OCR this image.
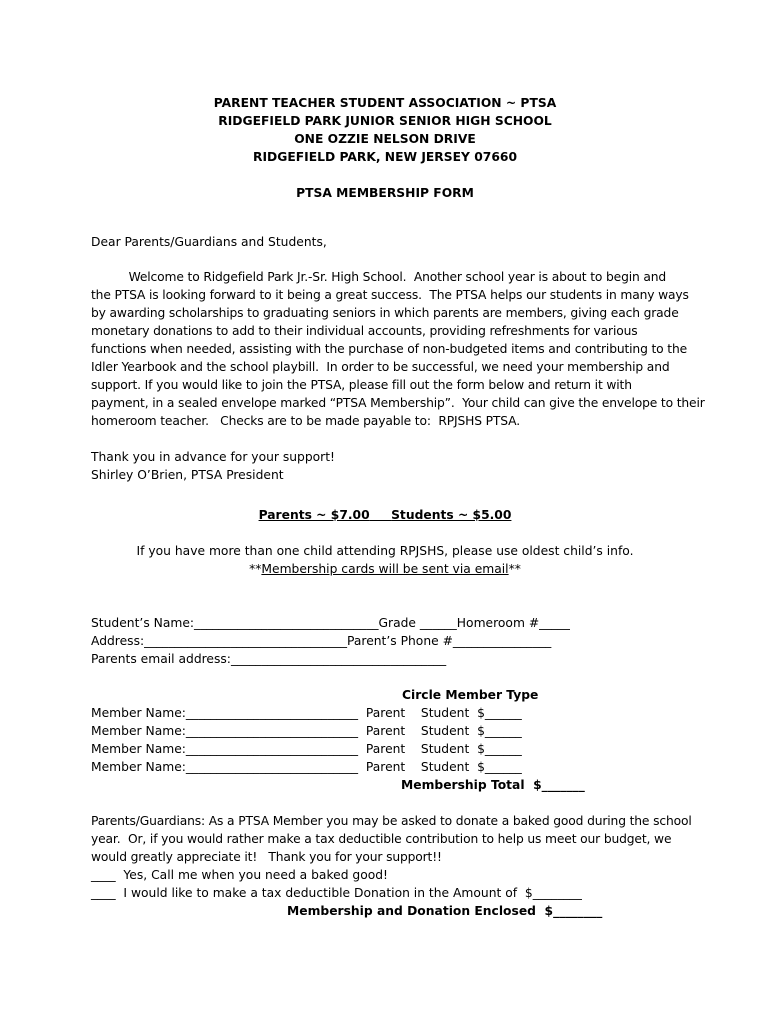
PARENT TEACHER STUDENT ASSOCIATION ~ PTSA
RIDGEFIELD PARK JUNIOR SENIOR HIGH SCHOOL
ONE OZZIE NELSON DRIVE
RIDGEFIELD PARK, NEW JERSEY 07660
PTSA MEMBERSHIP FORM
Dear Parents/Guardians and Students,
Welcome to Ridgefield Park Jr.-Sr. High School.  Another school year is about to begin and
the PTSA is looking forward to it being a great success.  The PTSA helps our students in many ways
by awarding scholarships to graduating seniors in which parents are members, giving each grade
monetary donations to add to their individual accounts, providing refreshments for various
functions when needed, assisting with the purchase of non-budgeted items and contributing to the
Idler Yearbook and the school playbill.  In order to be successful, we need your membership and
support. If you would like to join the PTSA, please fill out the form below and return it with
payment, in a sealed envelope marked “PTSA Membership”.  Your child can give the envelope to their
homeroom teacher.   Checks are to be made payable to:  RPJSHS PTSA.
Thank you in advance for your support!
Shirley O’Brien, PTSA President
Parents ~ $7.00 Students ~ $5.00
If you have more than one child attending RPJSHS, please use oldest child’s info.
**Membership cards will be sent via email**
Student’s Name:______________________________Grade ______Homeroom #_____
Address:_________________________________Parent’s Phone #________________
Parents email address:___________________________________
Circle Member Type
Member Name:____________________________  Parent    Student  $______
Member Name:____________________________  Parent    Student  $______
Member Name:____________________________  Parent    Student  $______
Member Name:____________________________  Parent    Student  $______
Membership Total  $_______
Parents/Guardians: As a PTSA Member you may be asked to donate a baked good during the school
year.  Or, if you would rather make a tax deductible contribution to help us meet our budget, we
would greatly appreciate it!   Thank you for your support!!
____  Yes, Call me when you need a baked good!
____  I would like to make a tax deductible Donation in the Amount of  $________
Membership and Donation Enclosed  $________
